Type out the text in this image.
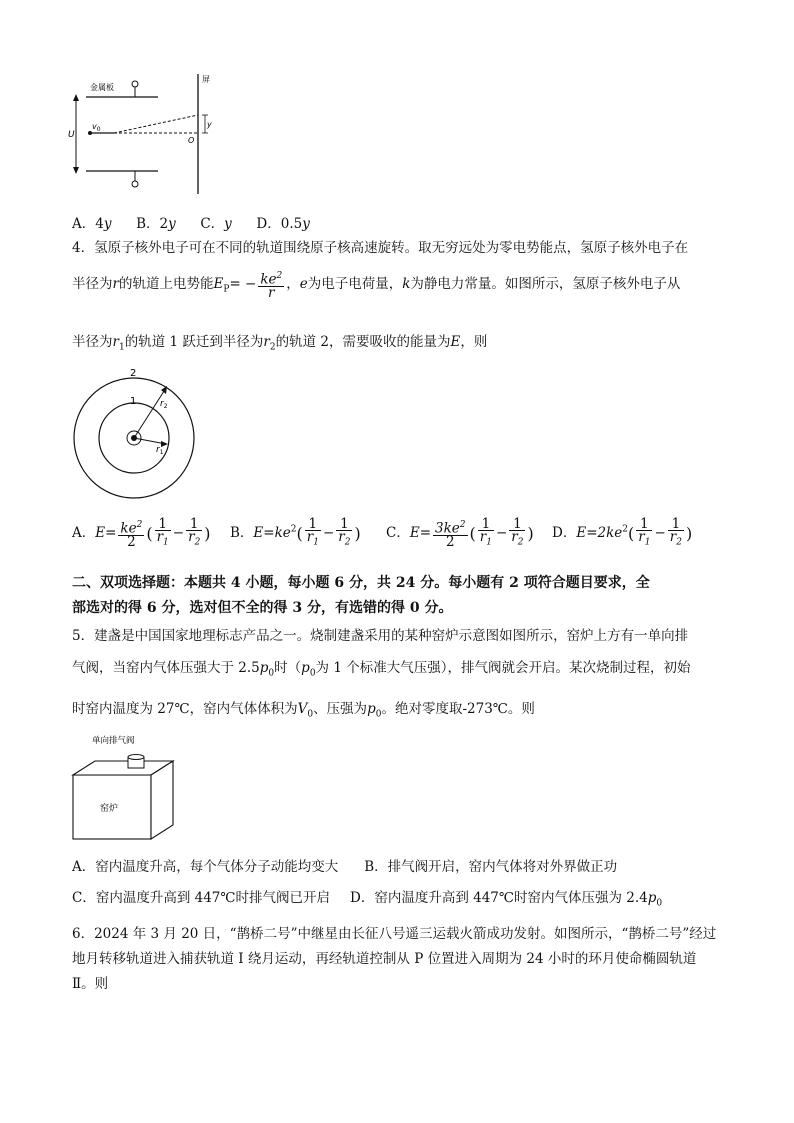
金属板
屏
U
$v_0$
y
O
A．4y B．2y C．y D．0.5y
4．氢原子核外电子可在不同的轨道围绕原子核高速旋转。取无穷远处为零电势能点，氢原子核外电子在
半径为r的轨道上电势能$E_P= - \frac{ke^2}{r}$ ，e为电子电荷量，k为静电力常量。如图所示，氢原子核外电子从
半径为$r_1$的轨道 1 跃迁到半径为$r_2$的轨道 2，需要吸收的能量为E，则
2
1	$r_2$
$r_1$
A．$E= \frac{ke^2}{2}$ ( $\frac{1}{r_1} - \frac{1}{r_2}$ ) B．$E=ke^2( \frac{1}{r_1} - \frac{1}{r_2}$ ) C．$E= \frac{3ke^2}{2}$ ( $\frac{1}{r_1} - \frac{1}{r_2}$ ) D．$E=2ke^2( \frac{1}{r_1} - \frac{1}{r_2}$ )
二、双项选择题：本题共 4 小题，每小题 6 分，共 24 分。每小题有 2 项符合题目要求，全
部选对的得 6 分，选对但不全的得 3 分，有选错的得 0 分。
5．建盏是中国国家地理标志产品之一。烧制建盏采用的某种窑炉示意图如图所示，窑炉上方有一单向排
气阀，当窑内气体压强大于 $2.5p_0$时（$p_0$为 1 个标准大气压强），排气阀就会开启。某次烧制过程，初始
时窑内温度为 27℃，窑内气体体积为$V_0$、压强为$p_0$。绝对零度取-273℃。则
单向排气阀
窑炉
A．窑内温度升高，每个气体分子动能均变大 B．排气阀开启，窑内气体将对外界做正功
C．窑内温度升高到 447℃时排气阀已开启 D．窑内温度升高到 447℃时窑内气体压强为 $2.4p_0$
6．2024 年 3 月 20 日，“鹊桥二号”中继星由长征八号遥三运载火箭成功发射。如图所示，“鹊桥二号”经过
地月转移轨道进入捕获轨道 I 绕月运动，再经轨道控制从 P 位置进入周期为 24 小时的环月使命椭圆轨道
Ⅱ。则
